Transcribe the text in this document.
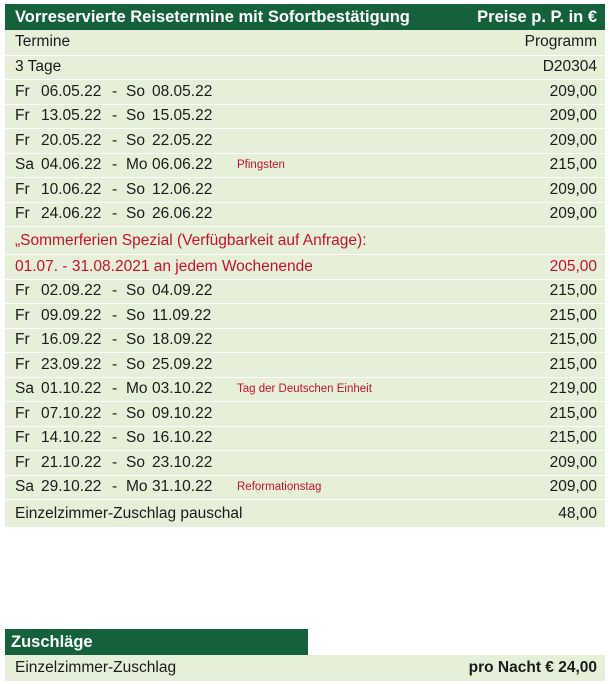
Vorreservierte Reisetermine mit Sofortbestätigung	Preise p. P. in €
Termine	Programm
3 Tage	D20304
Fr 06.05.22 - So 08.05.22	209,00
Fr 13.05.22 - So 15.05.22	209,00
Fr 20.05.22 - So 22.05.22	209,00
Sa 04.06.22 - Mo 06.06.22	Pfingsten	215,00
Fr 10.06.22 - So 12.06.22	209,00
Fr 24.06.22 - So 26.06.22	209,00
„Sommerferien Spezial (Verfügbarkeit auf Anfrage):
01.07. - 31.08.2021 an jedem Wochenende	205,00
Fr 02.09.22 - So 04.09.22	215,00
Fr 09.09.22 - So 11.09.22	215,00
Fr 16.09.22 - So 18.09.22	215,00
Fr 23.09.22 - So 25.09.22	215,00
Sa 01.10.22 - Mo 03.10.22	Tag der Deutschen Einheit	219,00
Fr 07.10.22 - So 09.10.22	215,00
Fr 14.10.22 - So 16.10.22	215,00
Fr 21.10.22 - So 23.10.22	209,00
Sa 29.10.22 - Mo 31.10.22	Reformationstag	209,00
Einzelzimmer-Zuschlag pauschal	48,00
Zuschläge
Einzelzimmer-Zuschlag	pro Nacht € 24,00
